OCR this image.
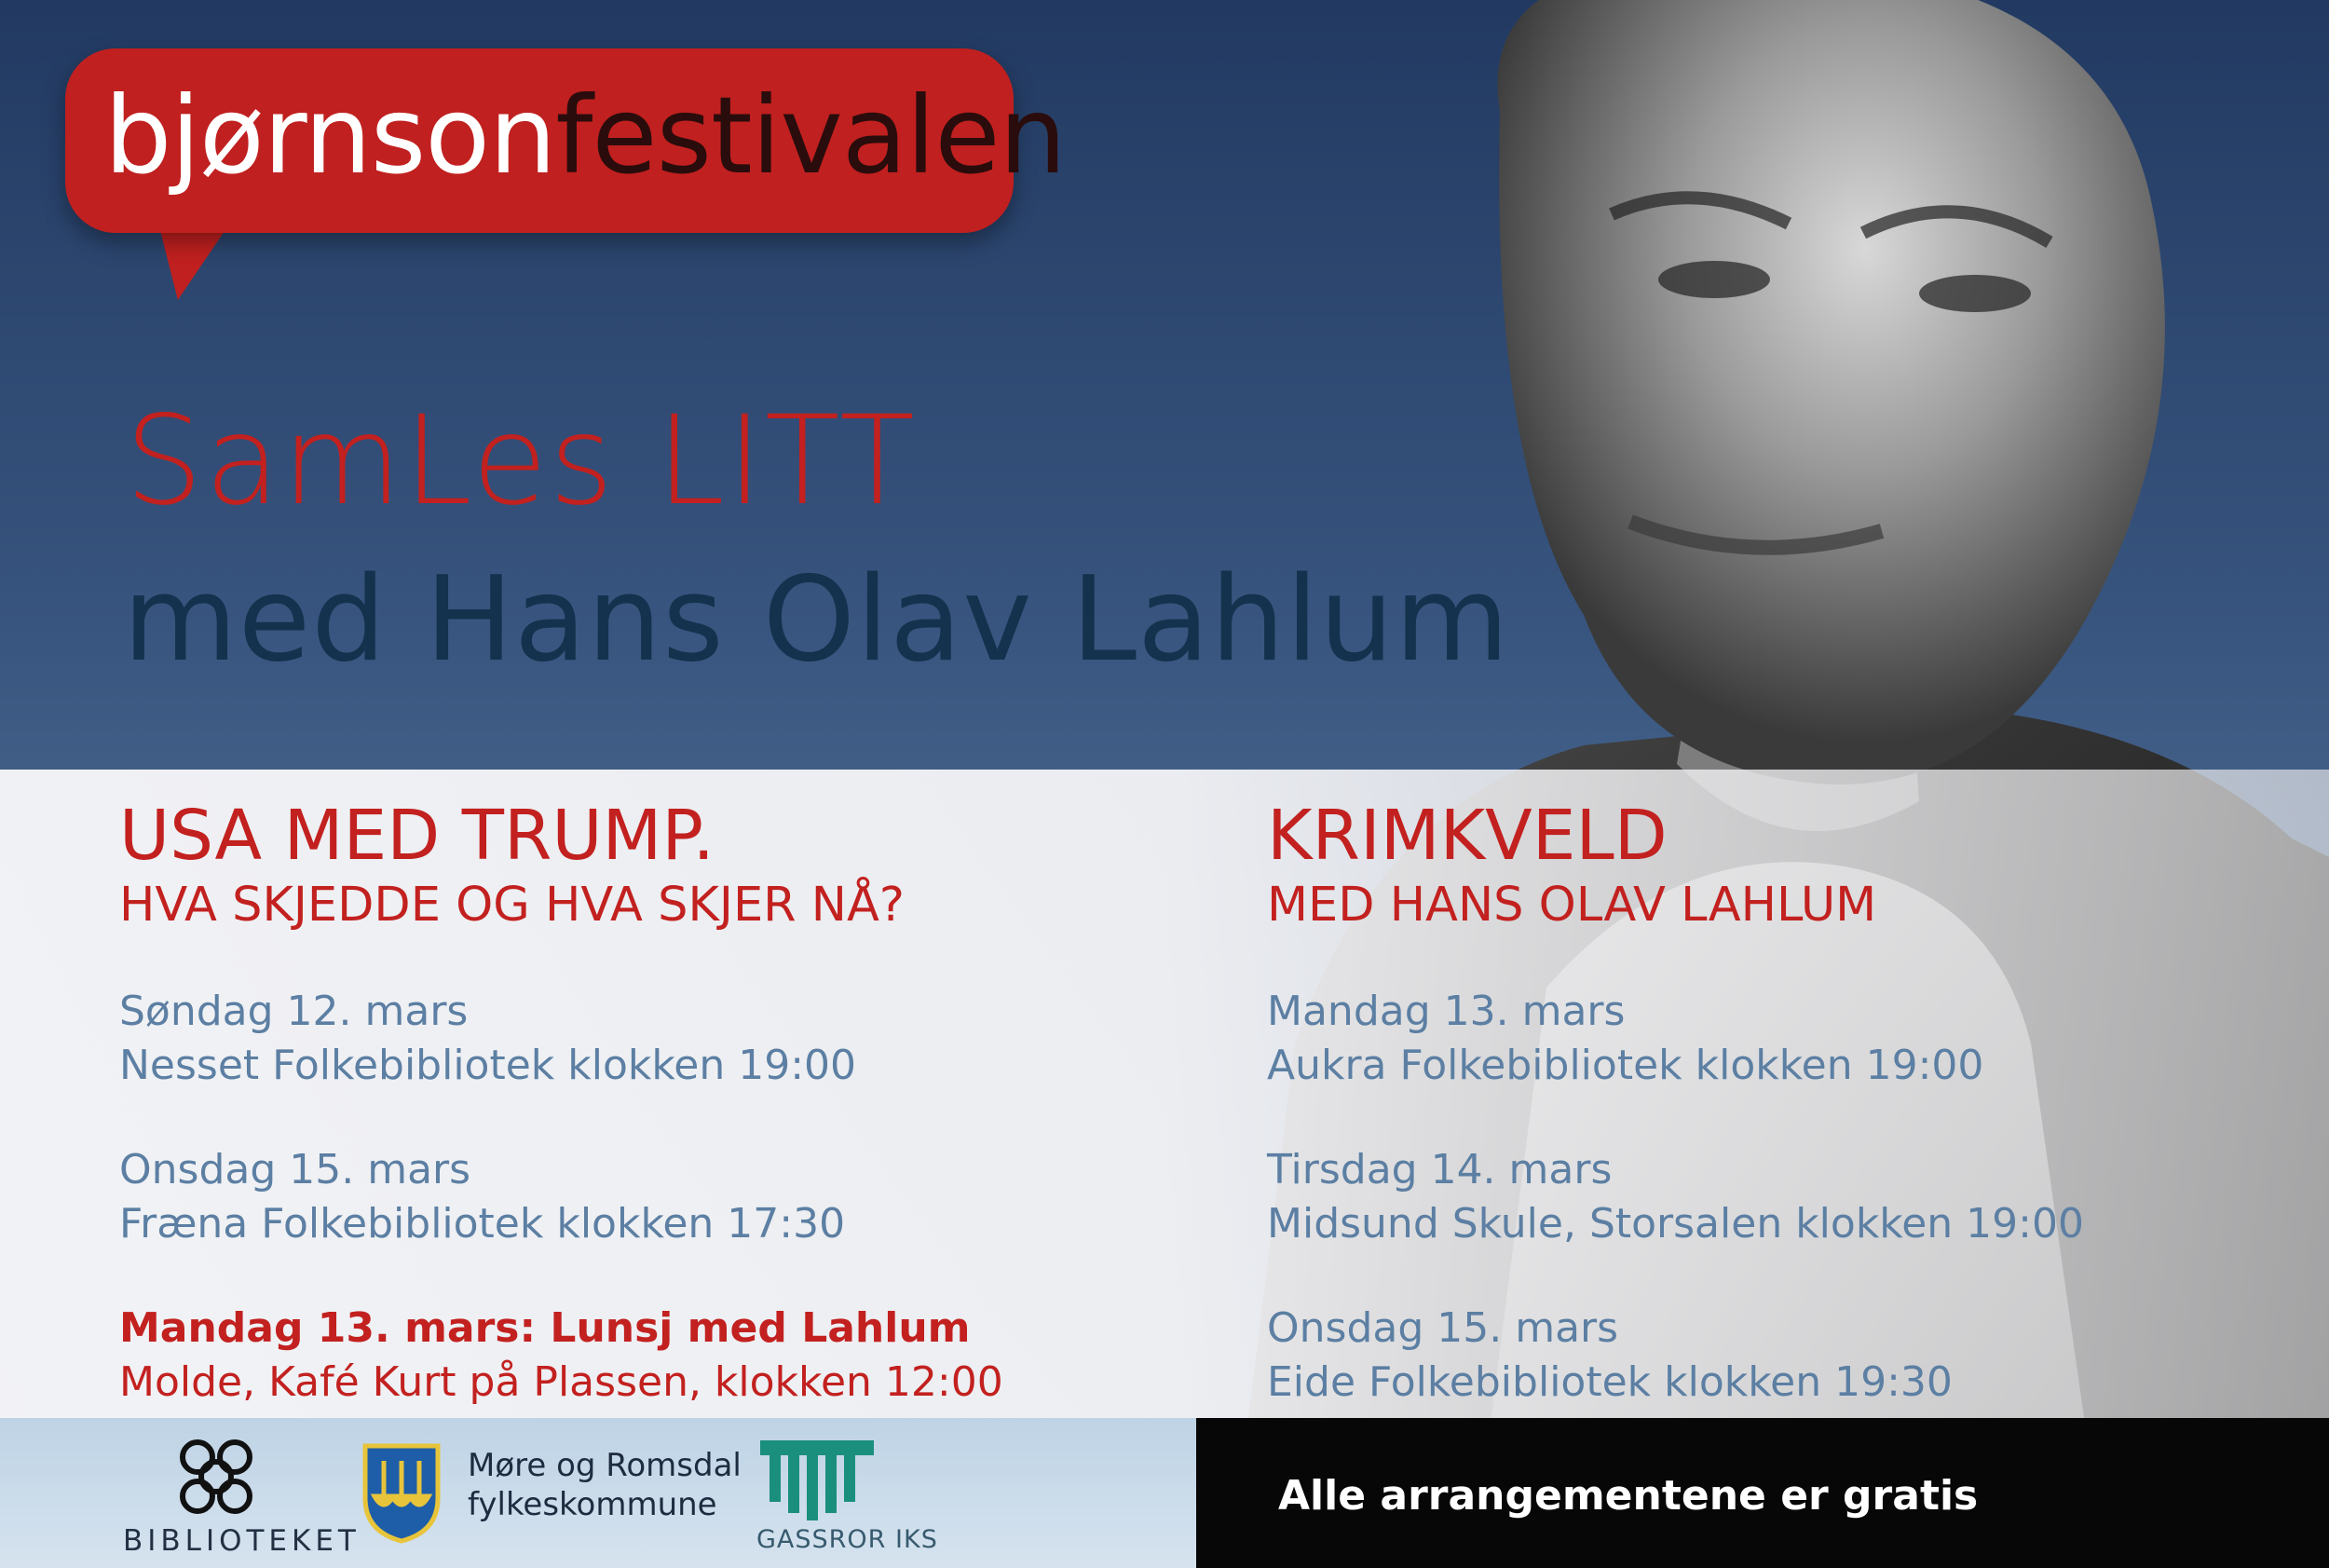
bjørnsonfestivalen
SamLes LITT
med Hans Olav Lahlum
USA MED TRUMP.
HVA SKJEDDE OG HVA SKJER NÅ?
Søndag 12. mars
Nesset Folkebibliotek klokken 19:00
Onsdag 15. mars
Fræna Folkebibliotek klokken 17:30
Mandag 13. mars: Lunsj med Lahlum
Molde, Kafé Kurt på Plassen, klokken 12:00
KRIMKVELD
MED HANS OLAV LAHLUM
Mandag 13. mars
Aukra Folkebibliotek klokken 19:00
Tirsdag 14. mars
Midsund Skule, Storsalen klokken 19:00
Onsdag 15. mars
Eide Folkebibliotek klokken 19:30
BIBLIOTEKET
Møre og Romsdal
fylkeskommune
GASSROR IKS
Alle arrangementene er gratis
